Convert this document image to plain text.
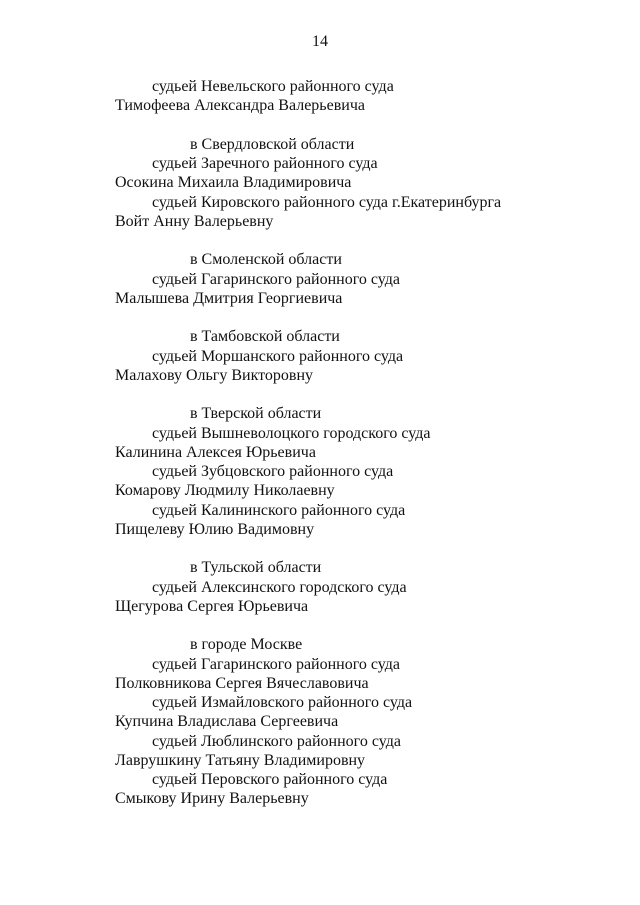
14
судьей Невельского районного суда
Тимофеева Александра Валерьевича
в Свердловской области
судьей Заречного районного суда
Осокина Михаила Владимировича
судьей Кировского районного суда г.Екатеринбурга
Войт Анну Валерьевну
в Смоленской области
судьей Гагаринского районного суда
Малышева Дмитрия Георгиевича
в Тамбовской области
судьей Моршанского районного суда
Малахову Ольгу Викторовну
в Тверской области
судьей Вышневолоцкого городского суда
Калинина Алексея Юрьевича
судьей Зубцовского районного суда
Комарову Людмилу Николаевну
судьей Калининского районного суда
Пищелеву Юлию Вадимовну
в Тульской области
судьей Алексинского городского суда
Щегурова Сергея Юрьевича
в городе Москве
судьей Гагаринского районного суда
Полковникова Сергея Вячеславовича
судьей Измайловского районного суда
Купчина Владислава Сергеевича
судьей Люблинского районного суда
Лаврушкину Татьяну Владимировну
судьей Перовского районного суда
Смыкову Ирину Валерьевну
